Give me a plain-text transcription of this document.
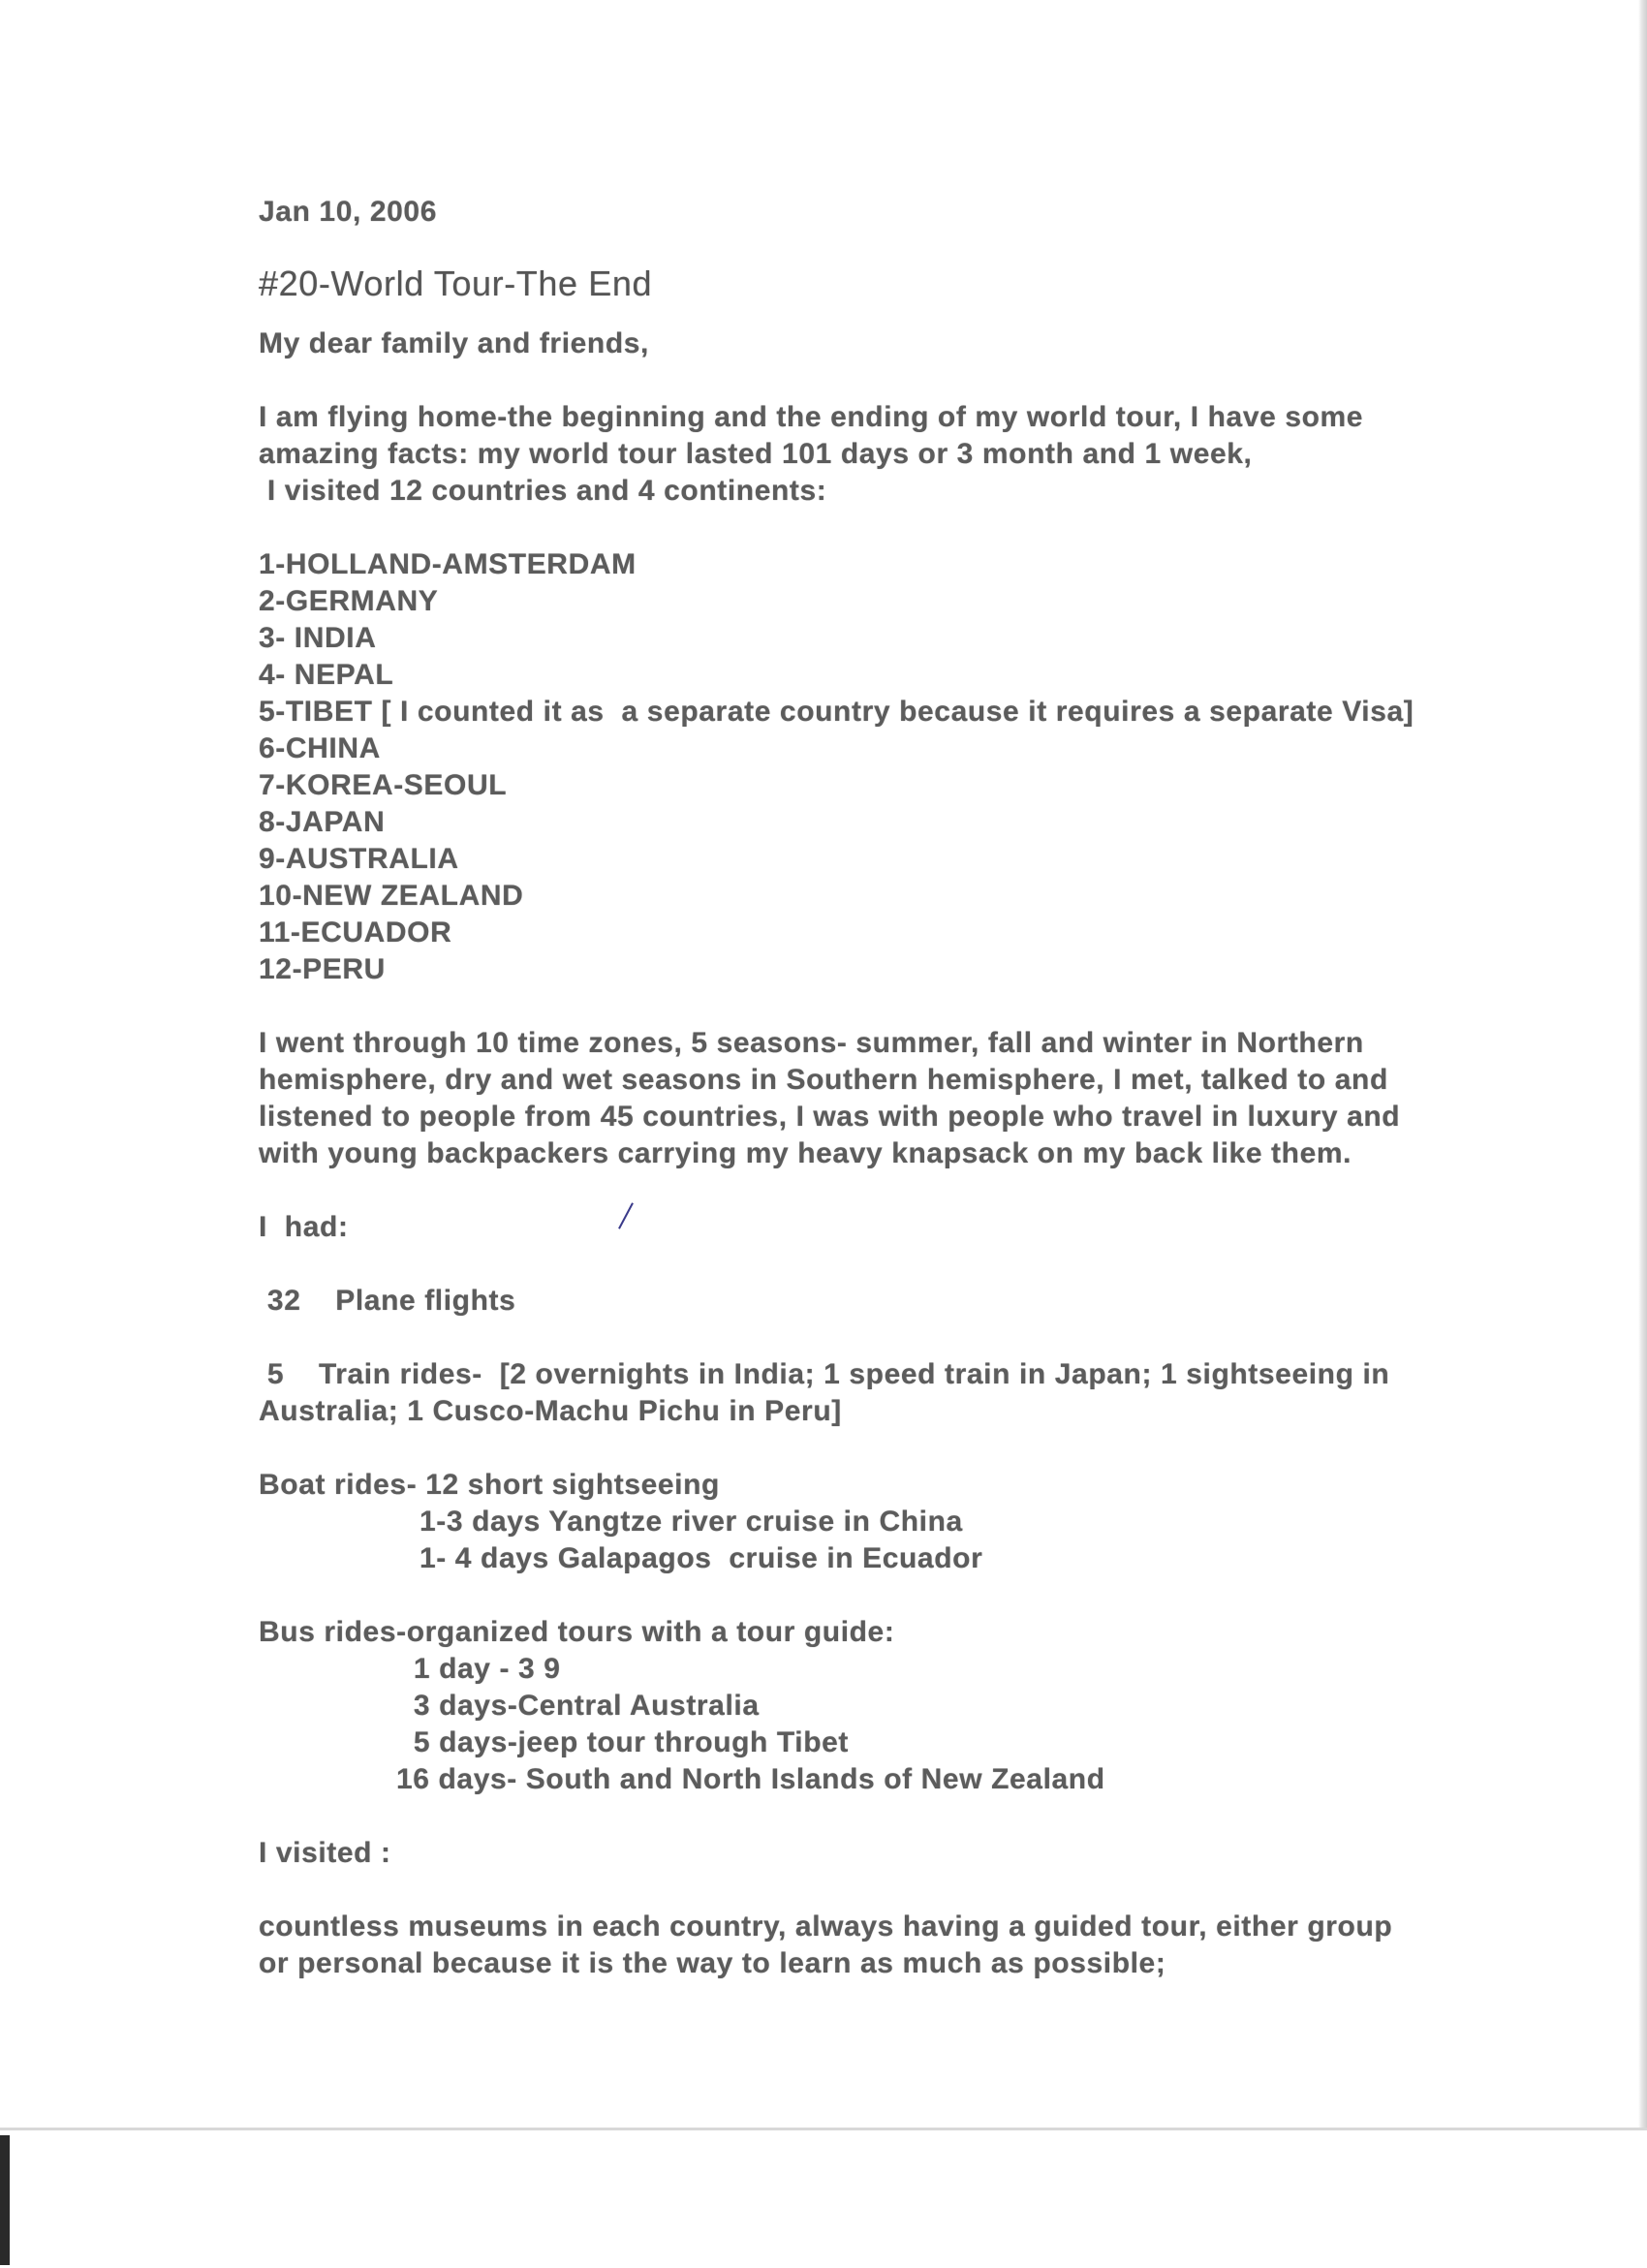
Jan 10, 2006
#20-World Tour-The End
My dear family and friends,
I am flying home-the beginning and the ending of my world tour, I have some
amazing facts: my world tour lasted 101 days or 3 month and 1 week,
I visited 12 countries and 4 continents:
1-HOLLAND-AMSTERDAM
2-GERMANY
3- INDIA
4- NEPAL
5-TIBET [ I counted it as  a separate country because it requires a separate Visa]
6-CHINA
7-KOREA-SEOUL
8-JAPAN
9-AUSTRALIA
10-NEW ZEALAND
11-ECUADOR
12-PERU
I went through 10 time zones, 5 seasons- summer, fall and winter in Northern
hemisphere, dry and wet seasons in Southern hemisphere, I met, talked to and
listened to people from 45 countries, I was with people who travel in luxury and
with young backpackers carrying my heavy knapsack on my back like them.
I  had:
32    Plane flights
5    Train rides-  [2 overnights in India; 1 speed train in Japan; 1 sightseeing in
Australia; 1 Cusco-Machu Pichu in Peru]
Boat rides- 12 short sightseeing
1-3 days Yangtze river cruise in China
1- 4 days Galapagos  cruise in Ecuador
Bus rides-organized tours with a tour guide:
1 day - 3 9
3 days-Central Australia
5 days-jeep tour through Tibet
16 days- South and North Islands of New Zealand
I visited :
countless museums in each country, always having a guided tour, either group
or personal because it is the way to learn as much as possible;
